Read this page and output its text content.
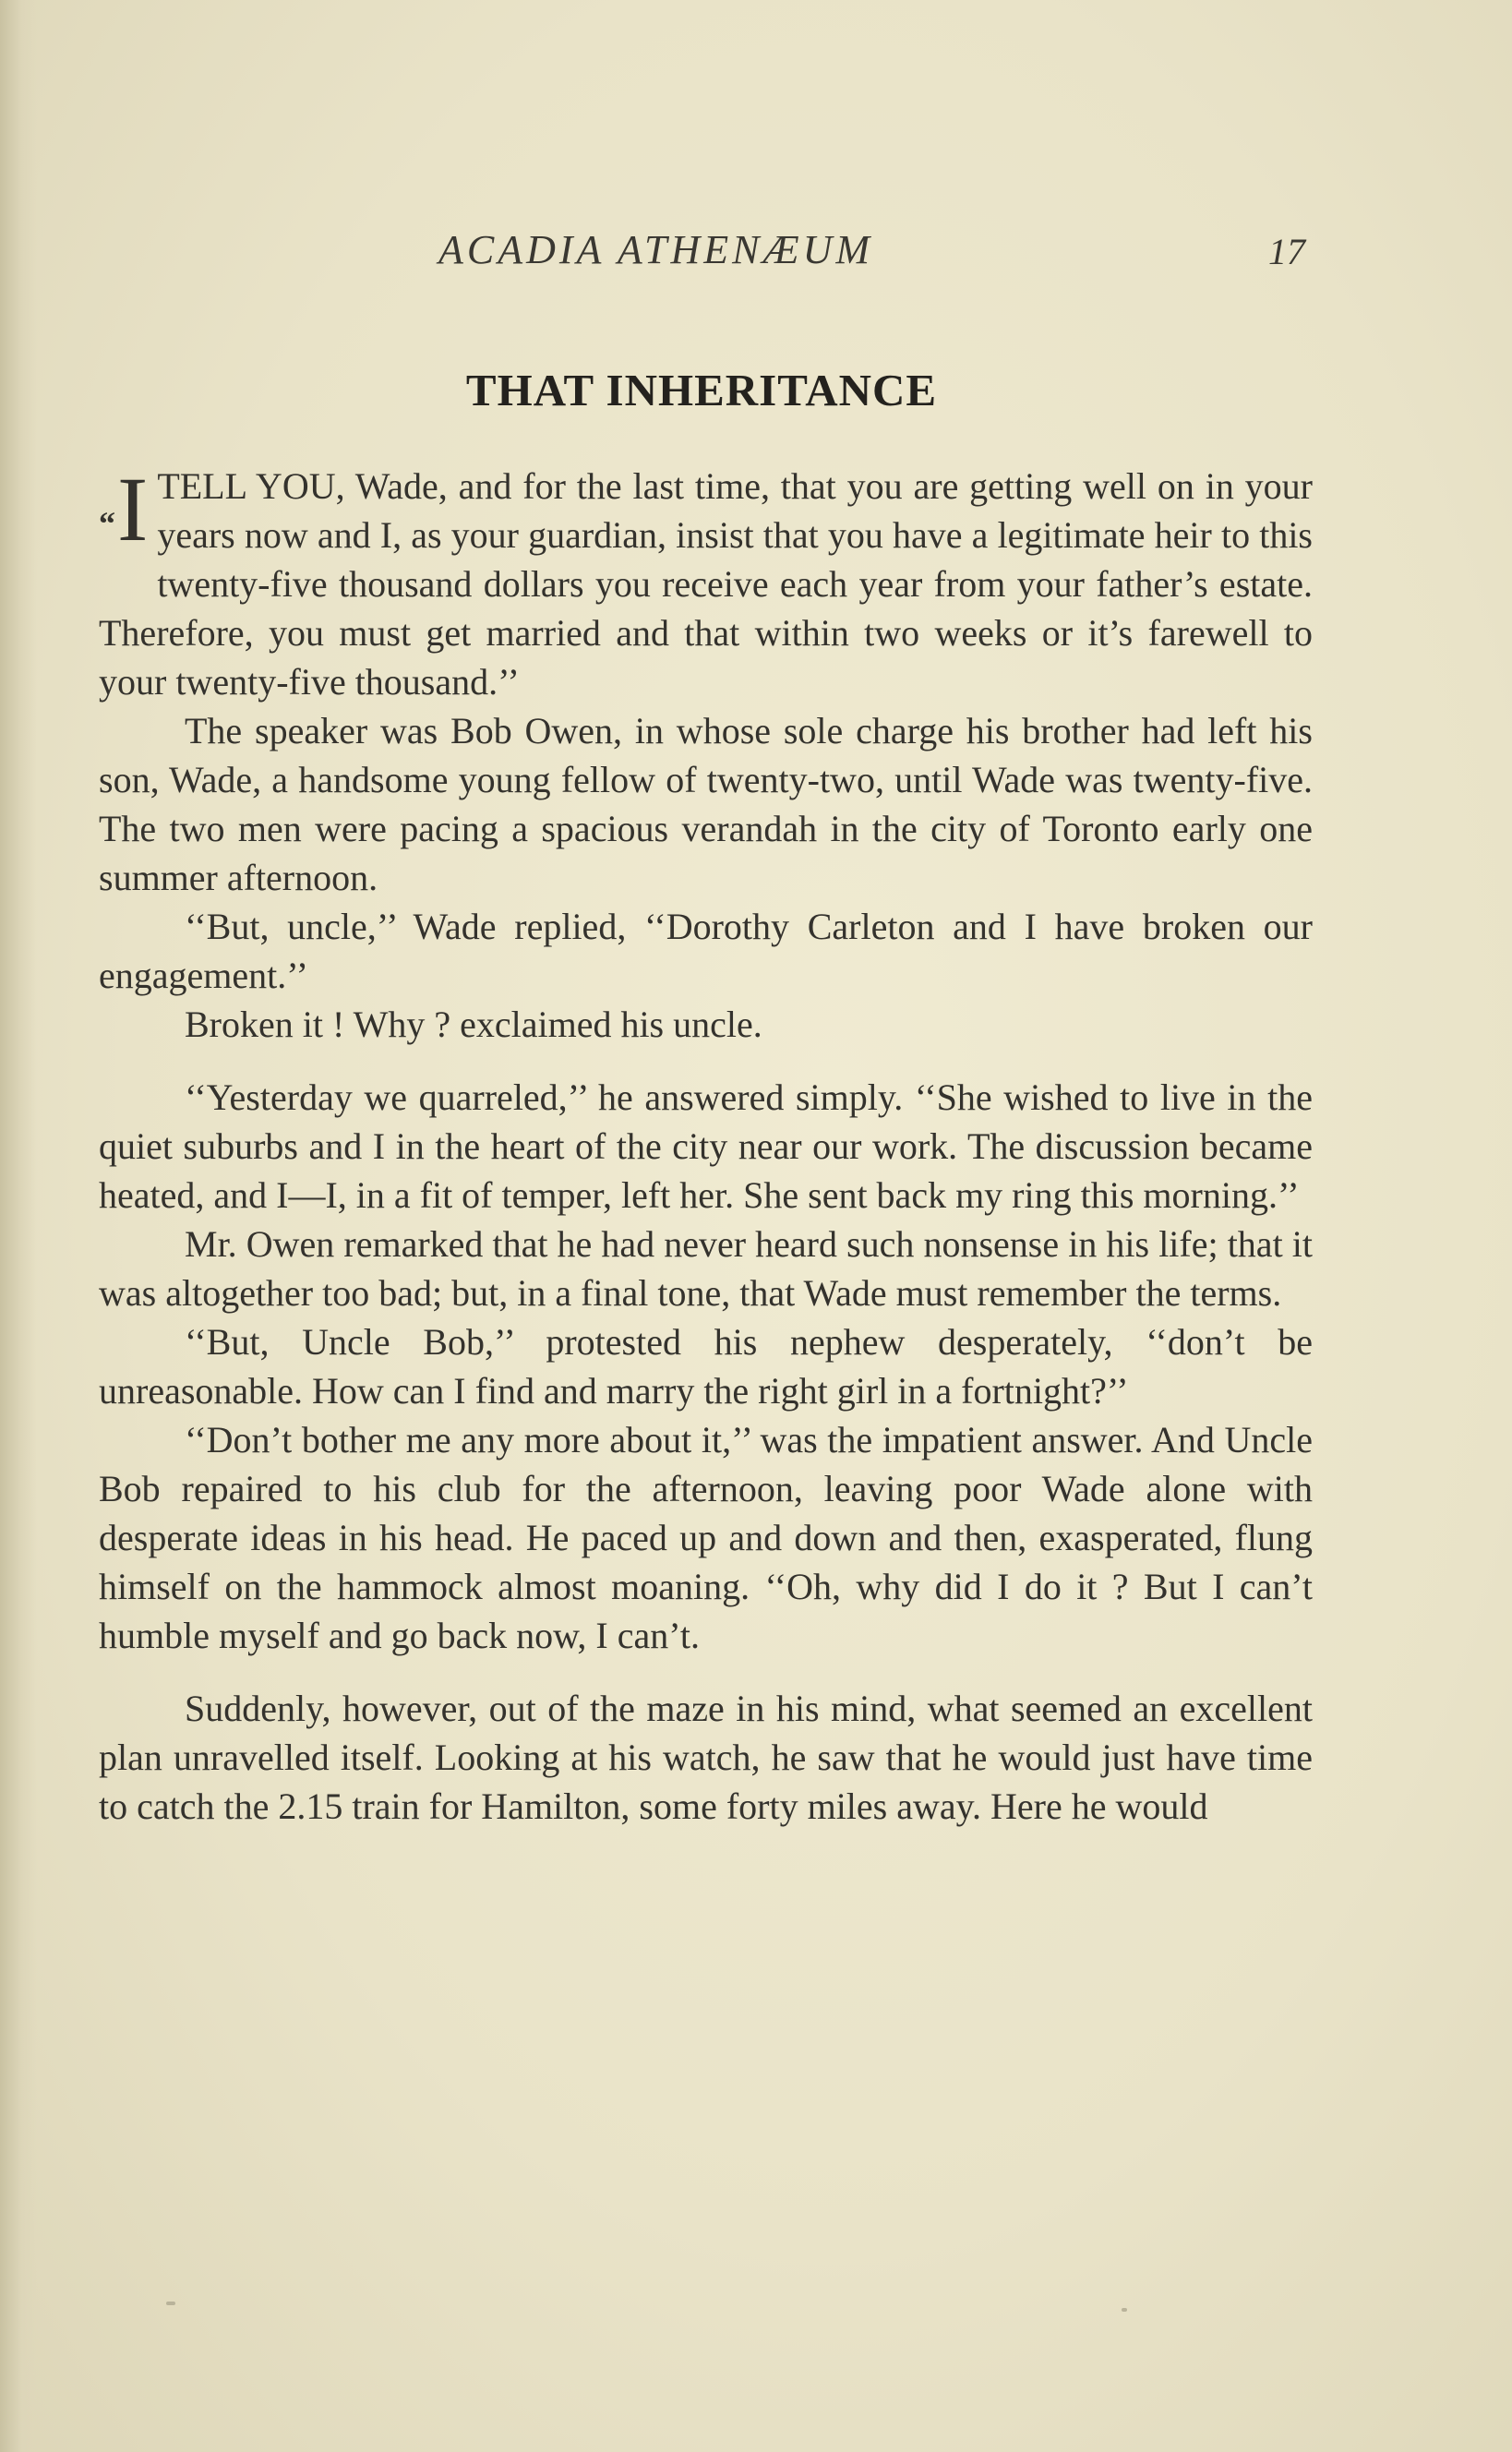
ACADIA ATHENÆUM	17
THAT INHERITANCE

“I TELL YOU, Wade, and for the last time, that you are getting well on in your years now and I, as your guardian, insist that you have a legitimate heir to this twenty-five thousand dollars you receive each year from your father’s estate. Therefore, you must get married and that within two weeks or it’s farewell to your twenty-five thousand.’’

The speaker was Bob Owen, in whose sole charge his brother had left his son, Wade, a handsome young fellow of twenty-two, until Wade was twenty-five. The two men were pacing a spacious verandah in the city of Toronto early one summer afternoon.

‘‘But, uncle,’’ Wade replied, ‘‘Dorothy Carleton and I have broken our engagement.’’

Broken it ! Why ? exclaimed his uncle.

‘‘Yesterday we quarreled,’’ he answered simply. ‘‘She wished to live in the quiet suburbs and I in the heart of the city near our work. The discussion became heated, and I—I, in a fit of temper, left her. She sent back my ring this morning.’’

Mr. Owen remarked that he had never heard such nonsense in his life; that it was altogether too bad; but, in a final tone, that Wade must remember the terms.

‘‘But, Uncle Bob,’’ protested his nephew desperately, ‘‘don’t be unreasonable. How can I find and marry the right girl in a fortnight?’’

‘‘Don’t bother me any more about it,’’ was the impatient answer. And Uncle Bob repaired to his club for the afternoon, leaving poor Wade alone with desperate ideas in his head. He paced up and down and then, exasperated, flung himself on the hammock almost moaning. ‘‘Oh, why did I do it ? But I can’t humble myself and go back now, I can’t.

Suddenly, however, out of the maze in his mind, what seemed an excellent plan unravelled itself. Looking at his watch, he saw that he would just have time to catch the 2.15 train for Hamilton, some forty miles away. Here he would
